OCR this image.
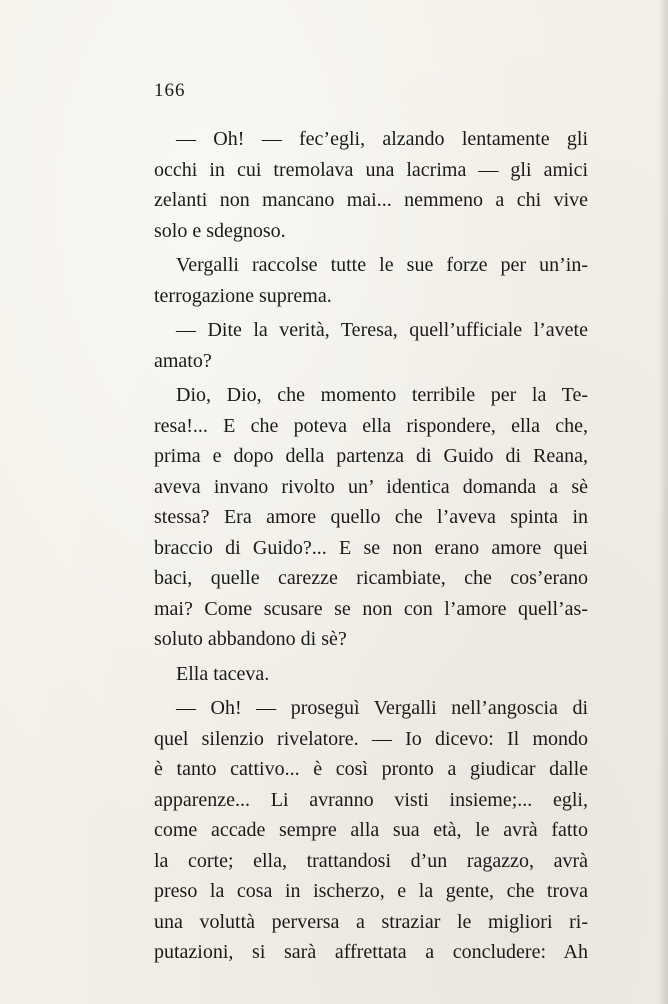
166
— Oh! — fec’egli, alzando lentamente gli
occhi in cui tremolava una lacrima — gli amici
zelanti non mancano mai... nemmeno a chi vive
solo e sdegnoso.
Vergalli raccolse tutte le sue forze per un’in-
terrogazione suprema.
— Dite la verità, Teresa, quell’ufficiale l’avete
amato?
Dio, Dio, che momento terribile per la Te-
resa!... E che poteva ella rispondere, ella che,
prima e dopo della partenza di Guido di Reana,
aveva invano rivolto un’ identica domanda a sè
stessa? Era amore quello che l’aveva spinta in
braccio di Guido?... E se non erano amore quei
baci, quelle carezze ricambiate, che cos’erano
mai? Come scusare se non con l’amore quell’as-
soluto abbandono di sè?
Ella taceva.
— Oh! — proseguì Vergalli nell’angoscia di
quel silenzio rivelatore. — Io dicevo: Il mondo
è tanto cattivo... è così pronto a giudicar dalle
apparenze... Li avranno visti insieme;... egli,
come accade sempre alla sua età, le avrà fatto
la corte; ella, trattandosi d’un ragazzo, avrà
preso la cosa in ischerzo, e la gente, che trova
una voluttà perversa a straziar le migliori ri-
putazioni, si sarà affrettata a concludere: Ah
